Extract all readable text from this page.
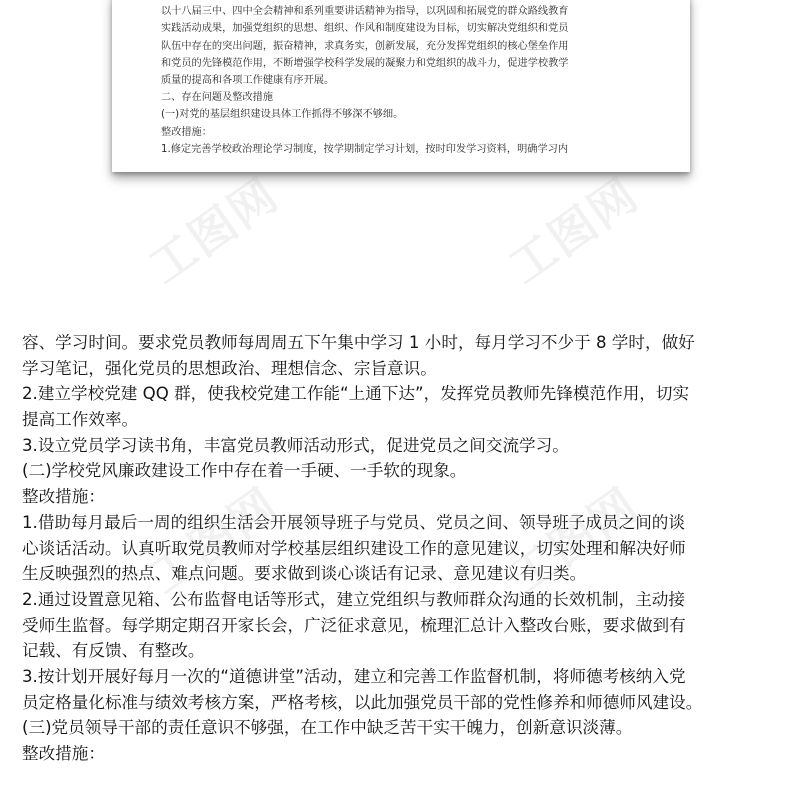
以十八届三中、四中全会精神和系列重要讲话精神为指导，以巩固和拓展党的群众路线教育
实践活动成果，加强党组织的思想、组织、作风和制度建设为目标，切实解决党组织和党员
队伍中存在的突出问题，振奋精神，求真务实，创新发展，充分发挥党组织的核心堡垒作用
和党员的先锋模范作用，不断增强学校科学发展的凝聚力和党组织的战斗力，促进学校教学
质量的提高和各项工作健康有序开展。
二、存在问题及整改措施
(一)对党的基层组织建设具体工作抓得不够深不够细。
整改措施：
1.修定完善学校政治理论学习制度，按学期制定学习计划，按时印发学习资料，明确学习内
工图网	工图网
容、学习时间。要求党员教师每周周五下午集中学习 1 小时，每月学习不少于 8 学时，做好
学习笔记，强化党员的思想政治、理想信念、宗旨意识。
2.建立学校党建 QQ 群，使我校党建工作能“上通下达”，发挥党员教师先锋模范作用，切实
提高工作效率。
3.设立党员学习读书角，丰富党员教师活动形式，促进党员之间交流学习。
(二)学校党风廉政建设工作中存在着一手硬、一手软的现象。
整改措施：
1.借助每月最后一周的组织生活会开展领导班子与党员、党员之间、领导班子成员之间的谈
心谈话活动。认真听取党员教师对学校基层组织建设工作的意见建议，切实处理和解决好师
生反映强烈的热点、难点问题。要求做到谈心谈话有记录、意见建议有归类。
2.通过设置意见箱、公布监督电话等形式，建立党组织与教师群众沟通的长效机制，主动接
受师生监督。每学期定期召开家长会，广泛征求意见，梳理汇总计入整改台账，要求做到有
记载、有反馈、有整改。
3.按计划开展好每月一次的“道德讲堂”活动，建立和完善工作监督机制，将师德考核纳入党
员定格量化标准与绩效考核方案，严格考核，以此加强党员干部的党性修养和师德师风建设。
(三)党员领导干部的责任意识不够强，在工作中缺乏苦干实干魄力，创新意识淡薄。
整改措施：
